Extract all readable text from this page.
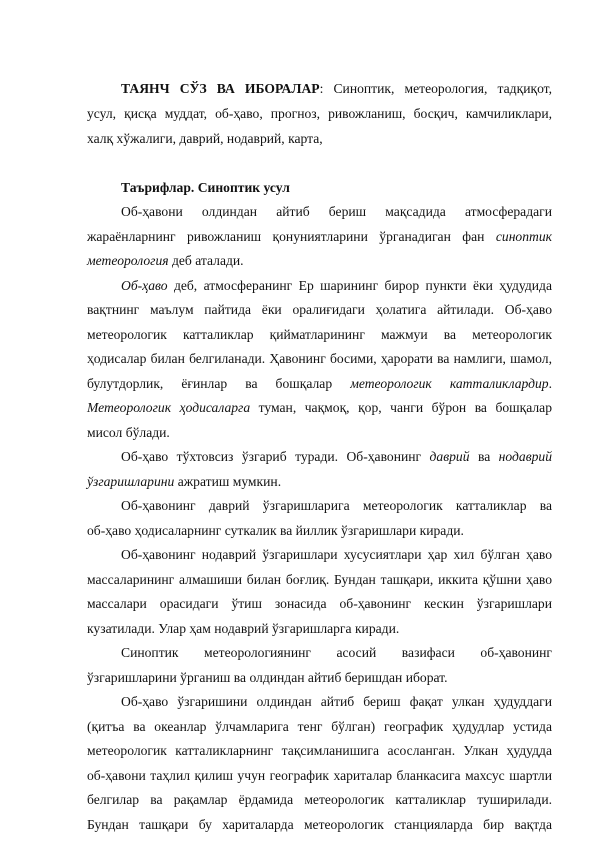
ТАЯНЧ СЎЗ ВА ИБОРАЛАР: Синоптик, метеорология, тадқиқот,
усул, қисқа муддат, об-ҳаво, прогноз, ривожланиш, босқич, камчиликлари,
халқ хўжалиги, даврий, нодаврий, карта,
Таърифлар. Синоптик усул
Об-ҳавони олдиндан айтиб бериш мақсадида атмосферадаги
жараёнларнинг ривожланиш қонуниятларини ўрганадиган фан синоптик
метеорология деб аталади.
Об-ҳаво деб, атмосферанинг Ер шарининг бирор пункти ёки ҳудудида
вақтнинг маълум пайтида ёки оралиғидаги ҳолатига айтилади. Об-ҳаво
метеорологик катталиклар қийматларининг мажмуи ва метеорологик
ҳодисалар билан белгиланади. Ҳавонинг босими, ҳарорати ва намлиги, шамол,
булутдорлик, ёғинлар ва бошқалар метеорологик катталиклардир.
Метеорологик ҳодисаларга туман, чақмоқ, қор, чанги бўрон ва бошқалар
мисол бўлади.
Об-ҳаво тўхтовсиз ўзгариб туради. Об-ҳавонинг даврий ва нодаврий
ўзгаришларини ажратиш мумкин.
Об-ҳавонинг даврий ўзгаришларига метеорологик катталиклар ва
об-ҳаво ҳодисаларнинг суткалик ва йиллик ўзгаришлари киради.
Об-ҳавонинг нодаврий ўзгаришлари хусусиятлари ҳар хил бўлган ҳаво
массаларининг алмашиши билан боғлиқ. Бундан ташқари, иккита қўшни ҳаво
массалари орасидаги ўтиш зонасида об-ҳавонинг кескин ўзгаришлари
кузатилади. Улар ҳам нодаврий ўзгаришларга киради.
Синоптик метеорологиянинг асосий вазифаси об-ҳавонинг
ўзгаришларини ўрганиш ва олдиндан айтиб беришдан иборат.
Об-ҳаво ўзгаришини олдиндан айтиб бериш фақат улкан ҳудуддаги
(қитъа ва океанлар ўлчамларига тенг бўлган) географик ҳудудлар устида
метеорологик катталикларнинг тақсимланишига асосланган. Улкан ҳудудда
об-ҳавони таҳлил қилиш учун географик хариталар бланкасига махсус шартли
белгилар ва рақамлар ёрдамида метеорологик катталиклар туширилади.
Бундан ташқари бу хариталарда метеорологик станцияларда бир вақтда
